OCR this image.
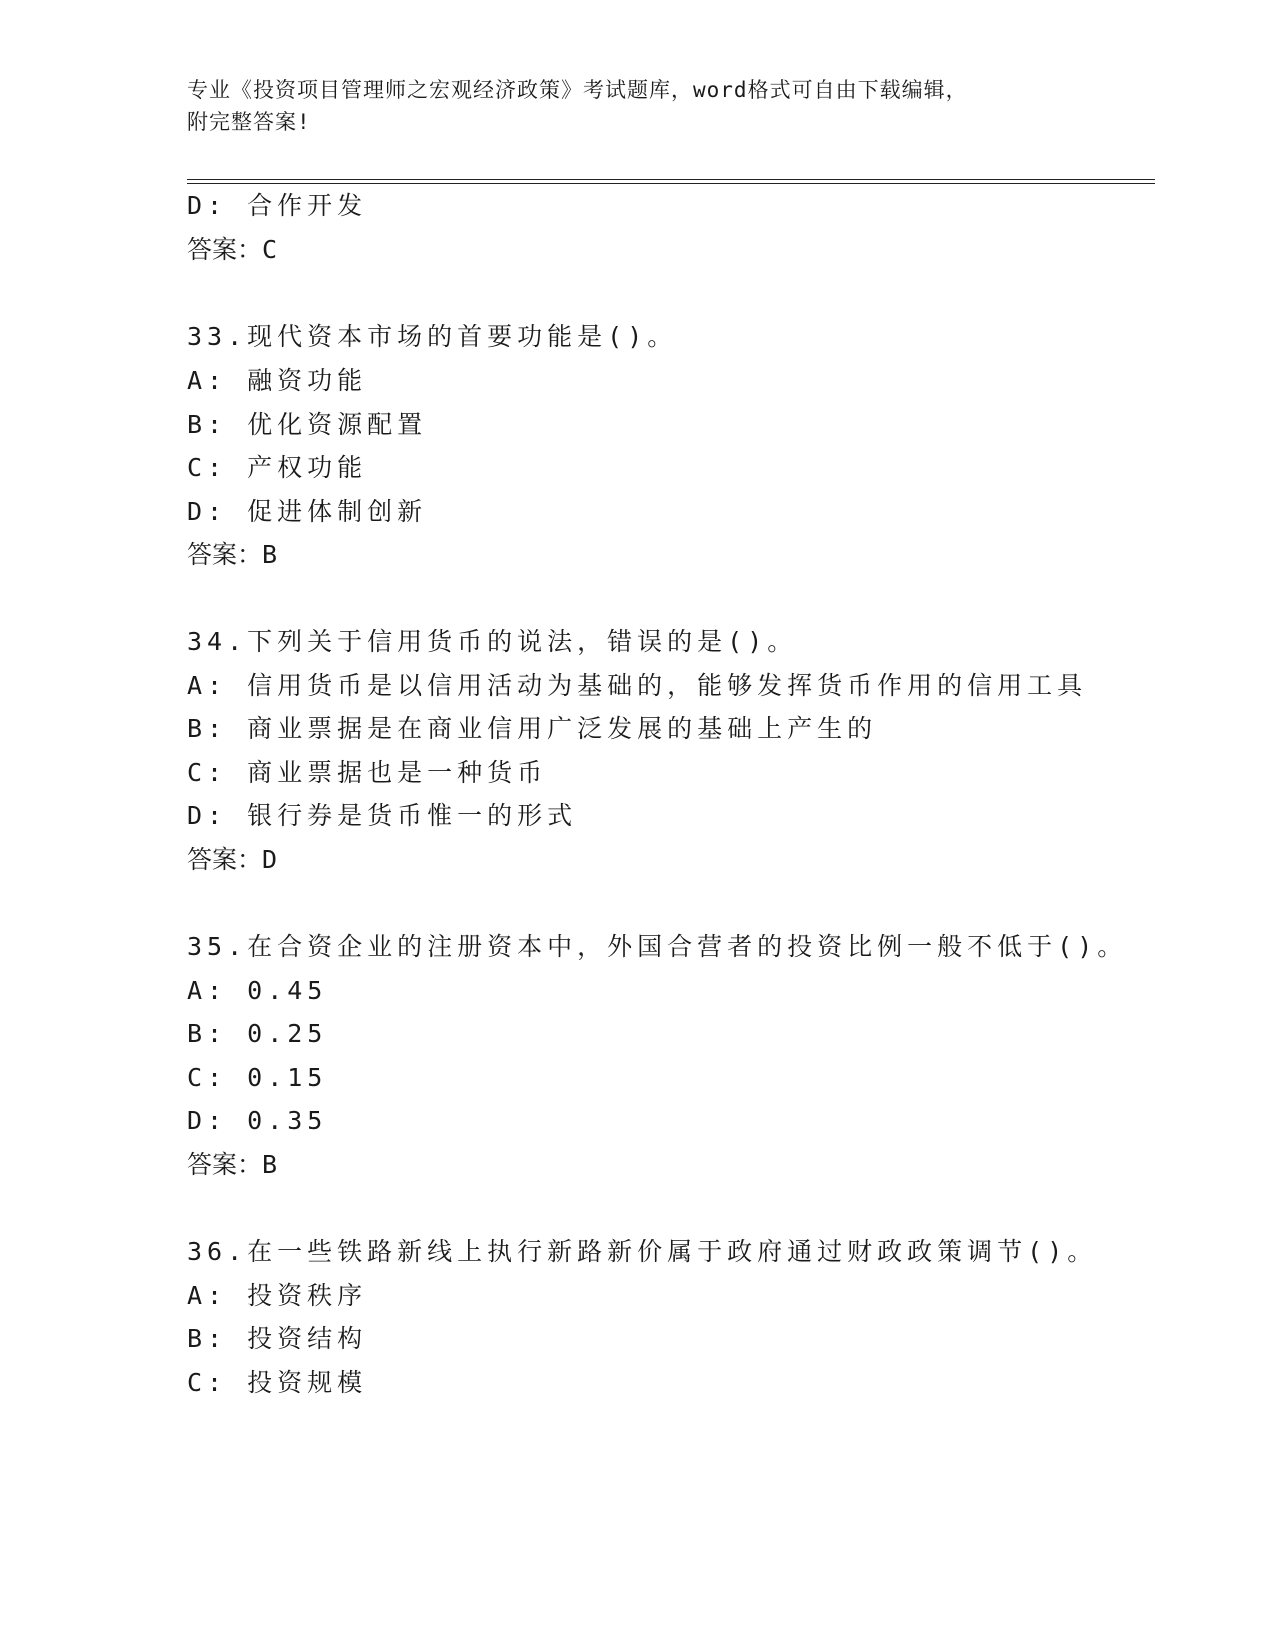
专业《投资项目管理师之宏观经济政策》考试题库，word格式可自由下载编辑，
附完整答案!
D: 合作开发
答案：C
33.现代资本市场的首要功能是()。
A: 融资功能
B: 优化资源配置
C: 产权功能
D: 促进体制创新
答案：B
34.下列关于信用货币的说法，错误的是()。
A: 信用货币是以信用活动为基础的，能够发挥货币作用的信用工具
B: 商业票据是在商业信用广泛发展的基础上产生的
C: 商业票据也是一种货币
D: 银行券是货币惟一的形式
答案：D
35.在合资企业的注册资本中，外国合营者的投资比例一般不低于()。
A: 0.45
B: 0.25
C: 0.15
D: 0.35
答案：B
36.在一些铁路新线上执行新路新价属于政府通过财政政策调节()。
A: 投资秩序
B: 投资结构
C: 投资规模
